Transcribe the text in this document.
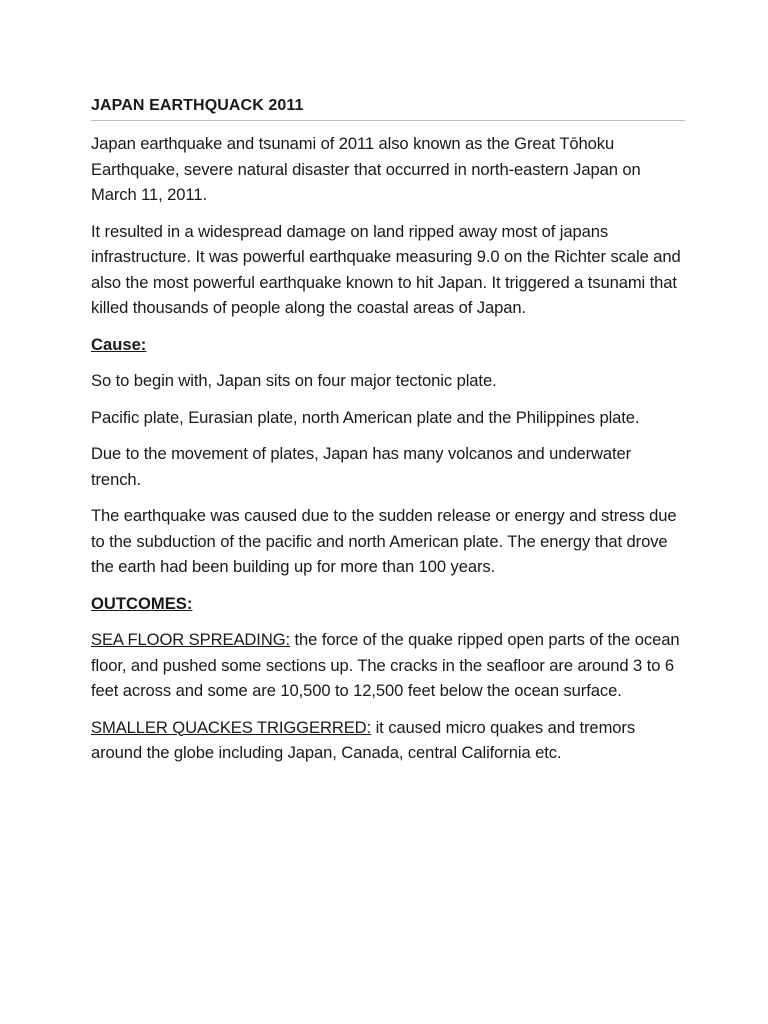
JAPAN EARTHQUACK 2011

Japan earthquake and tsunami of 2011 also known as the Great Tōhoku Earthquake, severe natural disaster that occurred in north-eastern Japan on March 11, 2011.

It resulted in a widespread damage on land ripped away most of japans infrastructure. It was powerful earthquake measuring 9.0 on the Richter scale and also the most powerful earthquake known to hit Japan. It triggered a tsunami that killed thousands of people along the coastal areas of Japan.

Cause:

So to begin with, Japan sits on four major tectonic plate.

Pacific plate, Eurasian plate, north American plate and the Philippines plate.

Due to the movement of plates, Japan has many volcanos and underwater trench.

The earthquake was caused due to the sudden release or energy and stress due to the subduction of the pacific and north American plate. The energy that drove the earth had been building up for more than 100 years.

OUTCOMES:

SEA FLOOR SPREADING: the force of the quake ripped open parts of the ocean floor, and pushed some sections up. The cracks in the seafloor are around 3 to 6 feet across and some are 10,500 to 12,500 feet below the ocean surface.

SMALLER QUACKES TRIGGERRED: it caused micro quakes and tremors around the globe including Japan, Canada, central California etc.
